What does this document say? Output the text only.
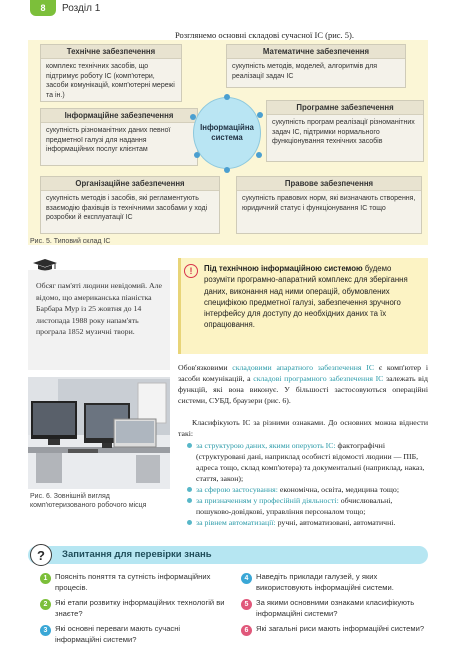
8	Розділ 1
Розглянемо основні складові сучасної ІС (рис. 5).
Технічне забезпечення
комплекс технічних засобів, що підтримує роботу ІС (комп'ютери, засоби комунікацій, комп'ютерні мережі та ін.)
Математичне забезпечення
сукупність методів, моделей, алгоритмів для реалізації задач ІС
Інформаційне забезпечення
сукупність різноманітних даних певної предметної галузі для надання інформаційних послуг клієнтам
Програмне забезпечення
сукупність програм реалізації різноманітних задач ІС, підтримки нормального функціонування технічних засобів
Організаційне забезпечення
сукупність методів і засобів, які регламентують взаємодію фахівців із технічними засобами у ході розробки й експлуатації ІС
Правове забезпечення
сукупність правових норм, які визначають створення, юридичний статус і функціонування ІС тощо
Інформаційна система
Рис. 5. Типовий склад ІС
Обсяг пам'яті людини невідомий. Але відомо, що американська піаністка Барбара Мур із 25 жовтня до 14 листопада 1988 року напам'ять програла 1852 музичні твори.
!	Під технічною інформаційною системою будемо розуміти програмно-апаратний комплекс для зберігання даних, виконання над ними операцій, обумовлених специфікою предметної галузі, забезпечення зручного інтерфейсу для доступу до необхідних даних та їх опрацювання.
Рис. 6. Зовнішній вигляд комп'ютеризованого робочого місця
Обов'язковими складовими апаратного забезпечення ІС є комп'ютер і засоби комунікацій, а складові програмного забезпечення ІС залежать від функцій, які вона виконує. У більшості застосовуються операційні системи, СУБД, браузери (рис. 6).
Класифікують ІС за різними ознаками. До основних можна віднести такі:
за структурою даних, якими оперують ІС: фактографічні (структуровані дані, наприклад особисті відомості людини — ПІБ, адреса тощо, склад комп'ютера) та документальні (наприклад, наказ, стаття, закон);
за сферою застосування: економічна, освіта, медицина тощо;
за призначенням у професійній діяльності: обчислювальні, пошуково-довідкові, управління персоналом тощо;
за рівнем автоматизації: ручні, автоматизовані, автоматичні.
?	Запитання для перевірки знань
1 Поясніть поняття та сутність інформаційних процесів.
2 Які етапи розвитку інформаційних технологій ви знаєте?
3 Які основні переваги мають сучасні інформаційні системи?
4 Наведіть приклади галузей, у яких використовують інформаційні системи.
5 За якими основними ознаками класифікують інформаційні системи?
6 Які загальні риси мають інформаційні системи?
